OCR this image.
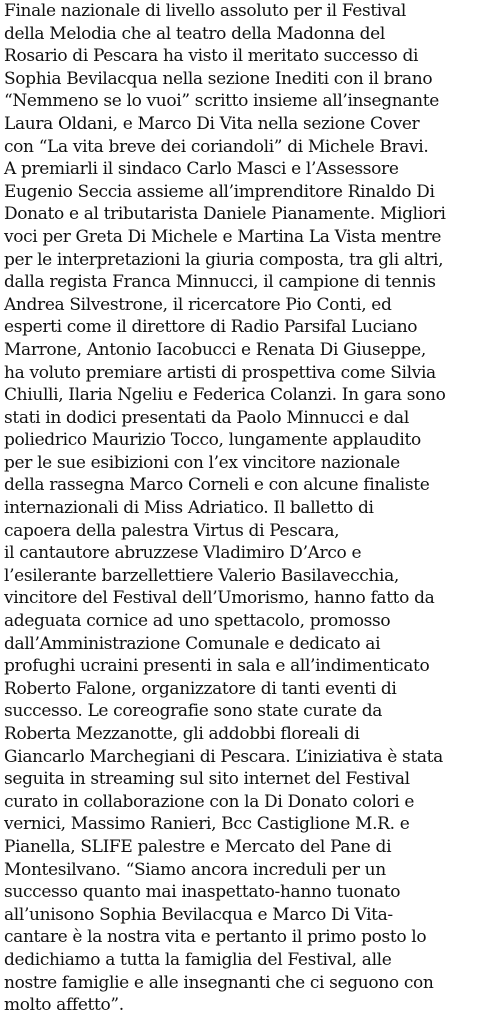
Finale nazionale di livello assoluto per il Festival
della Melodia che al teatro della Madonna del
Rosario di Pescara ha visto il meritato successo di
Sophia Bevilacqua nella sezione Inediti con il brano
“Nemmeno se lo vuoi” scritto insieme all’insegnante
Laura Oldani, e Marco Di Vita nella sezione Cover
con “La vita breve dei coriandoli” di Michele Bravi.
A premiarli il sindaco Carlo Masci e l’Assessore
Eugenio Seccia assieme all’imprenditore Rinaldo Di
Donato e al tributarista Daniele Pianamente. Migliori
voci per Greta Di Michele e Martina La Vista mentre
per le interpretazioni la giuria composta, tra gli altri,
dalla regista Franca Minnucci, il campione di tennis
Andrea Silvestrone, il ricercatore Pio Conti, ed
esperti come il direttore di Radio Parsifal Luciano
Marrone, Antonio Iacobucci e Renata Di Giuseppe,
ha voluto premiare artisti di prospettiva come Silvia
Chiulli, Ilaria Ngeliu e Federica Colanzi. In gara sono
stati in dodici presentati da Paolo Minnucci e dal
poliedrico Maurizio Tocco, lungamente applaudito
per le sue esibizioni con l’ex vincitore nazionale
della rassegna Marco Corneli e con alcune finaliste
internazionali di Miss Adriatico. Il balletto di
capoera della palestra Virtus di Pescara,
il cantautore abruzzese Vladimiro D’Arco e
l’esilerante barzellettiere Valerio Basilavecchia,
vincitore del Festival dell’Umorismo, hanno fatto da
adeguata cornice ad uno spettacolo, promosso
dall’Amministrazione Comunale e dedicato ai
profughi ucraini presenti in sala e all’indimenticato
Roberto Falone, organizzatore di tanti eventi di
successo. Le coreografie sono state curate da
Roberta Mezzanotte, gli addobbi floreali di
Giancarlo Marchegiani di Pescara. L’iniziativa è stata
seguita in streaming sul sito internet del Festival
curato in collaborazione con la Di Donato colori e
vernici, Massimo Ranieri, Bcc Castiglione M.R. e
Pianella, SLIFE palestre e Mercato del Pane di
Montesilvano. “Siamo ancora increduli per un
successo quanto mai inaspettato-hanno tuonato
all’unisono Sophia Bevilacqua e Marco Di Vita-
cantare è la nostra vita e pertanto il primo posto lo
dedichiamo a tutta la famiglia del Festival, alle
nostre famiglie e alle insegnanti che ci seguono con
molto affetto”.
